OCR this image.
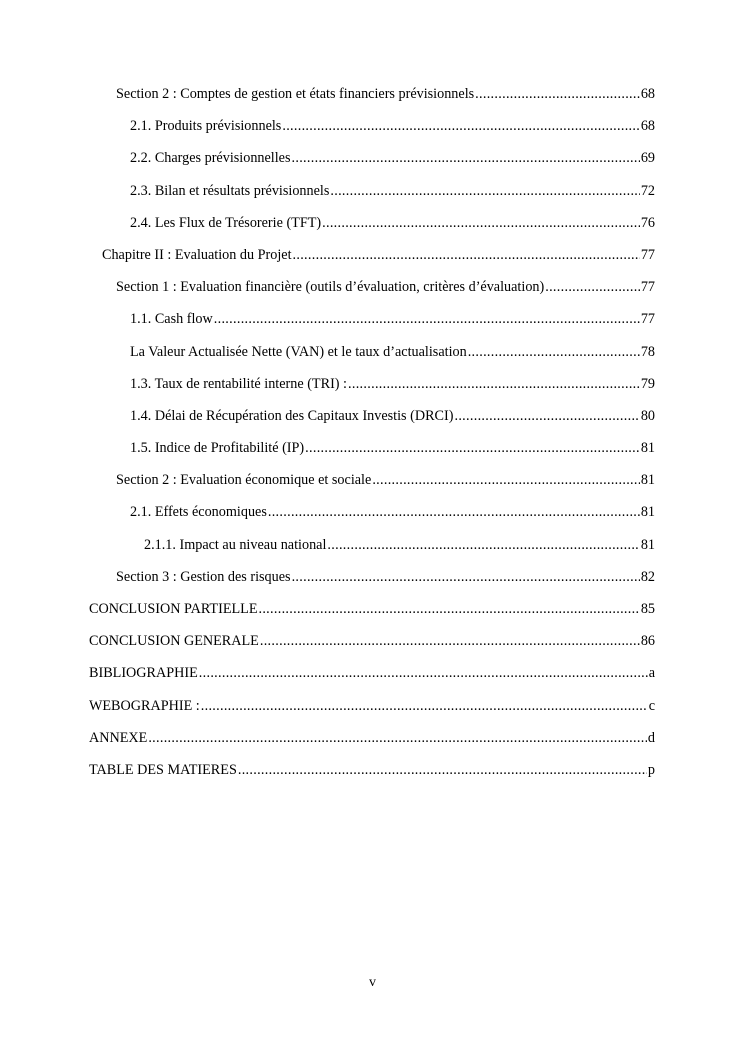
Section 2 : Comptes de gestion et états financiers prévisionnels .....	68
2.1. Produits prévisionnels .....	68
2.2. Charges prévisionnelles .....	69
2.3. Bilan et résultats prévisionnels .....	72
2.4. Les Flux de Trésorerie (TFT) .....	76
Chapitre II : Evaluation du Projet .....	77
Section 1 : Evaluation financière (outils d’évaluation, critères d’évaluation) .....	77
1.1. Cash flow .....	77
La Valeur Actualisée Nette (VAN) et le taux d’actualisation .....	78
1.3. Taux de rentabilité interne (TRI) : .....	79
1.4. Délai de Récupération des Capitaux Investis (DRCI) .....	80
1.5. Indice de Profitabilité (IP) .....	81
Section 2 : Evaluation économique et sociale .....	81
2.1. Effets économiques .....	81
2.1.1. Impact au niveau national .....	81
Section 3 : Gestion des risques .....	82
CONCLUSION PARTIELLE .....	85
CONCLUSION GENERALE .....	86
BIBLIOGRAPHIE .....	a
WEBOGRAPHIE : .....	c
ANNEXE .....	d
TABLE DES MATIERES .....	p
v
